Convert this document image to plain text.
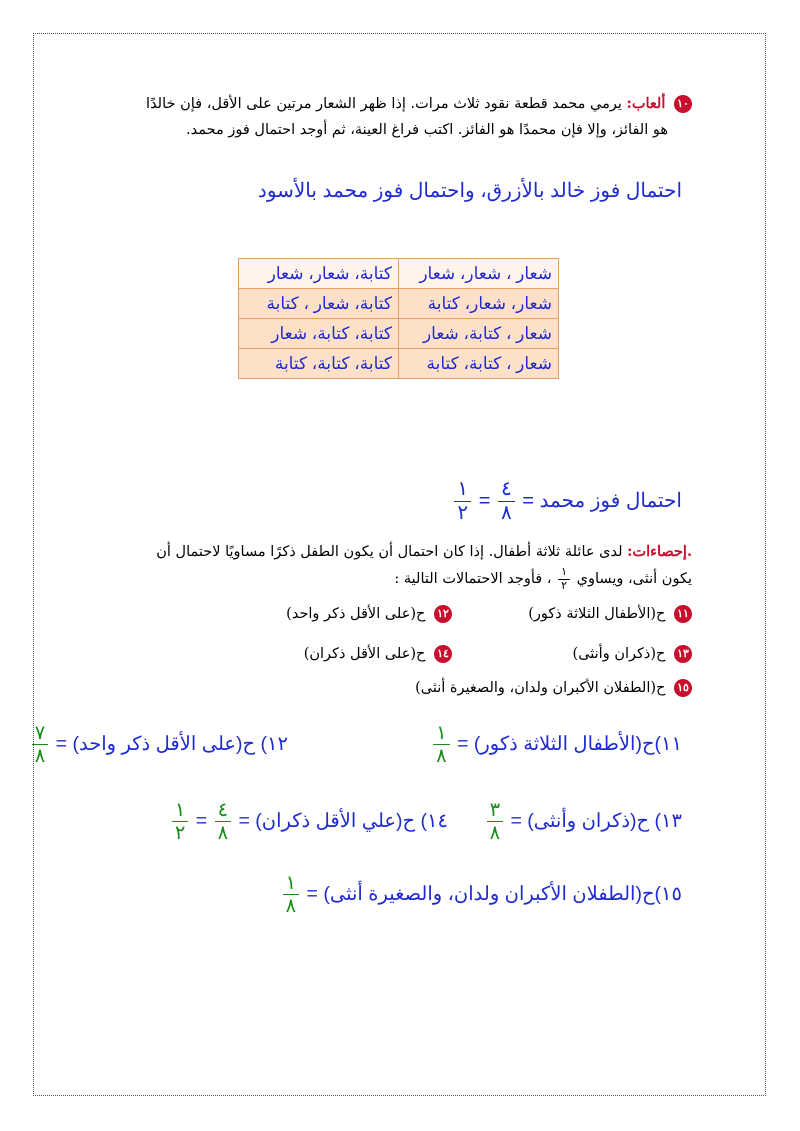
١٠ ألعاب: يرمي محمد قطعة نقود ثلاث مرات. إذا ظهر الشعار مرتين على الأقل، فإن خالدًا
هو الفائز، وإلا فإن محمدًا هو الفائز. اكتب فراغ العينة، ثم أوجد احتمال فوز محمد.
احتمال فوز خالد بالأزرق، واحتمال فوز محمد بالأسود
شعار ، شعار، شعار	كتابة، شعار، شعار
شعار، شعار، كتابة	كتابة، شعار ، كتابة
شعار ، كتابة، شعار	كتابة، كتابة، شعار
شعار ، كتابة، كتابة	كتابة، كتابة، كتابة
احتمال فوز محمد =
$\frac{٤}{٨}$
=
$\frac{١}{٢}$
.إحصاءات: لدى عائلة ثلاثة أطفال. إذا كان احتمال أن يكون الطفل ذكرًا مساويًا لاحتمال أن
يكون أنثى، ويساوي
$\frac{١}{٢}$
، فأوجد الاحتمالات التالية :
١١ ح(الأطفال الثلاثة ذكور)
١٢ ح(على الأقل ذكر واحد)
١٣ ح(ذكران وأنثى)
١٤ ح(على الأقل ذكران)
١٥ ح(الطفلان الأكبران ولدان، والصغيرة أنثى)
١١)ح(الأطفال الثلاثة ذكور) =
$\frac{١}{٨}$
١٢) ح(على الأقل ذكر واحد) =
$\frac{٧}{٨}$
١٣) ح(ذكران وأنثى) =
$\frac{٣}{٨}$
١٤) ح(علي الأقل ذكران) =
$\frac{٤}{٨}$
=
$\frac{١}{٢}$
١٥)ح(الطفلان الأكبران ولدان، والصغيرة أنثى) =
$\frac{١}{٨}$
